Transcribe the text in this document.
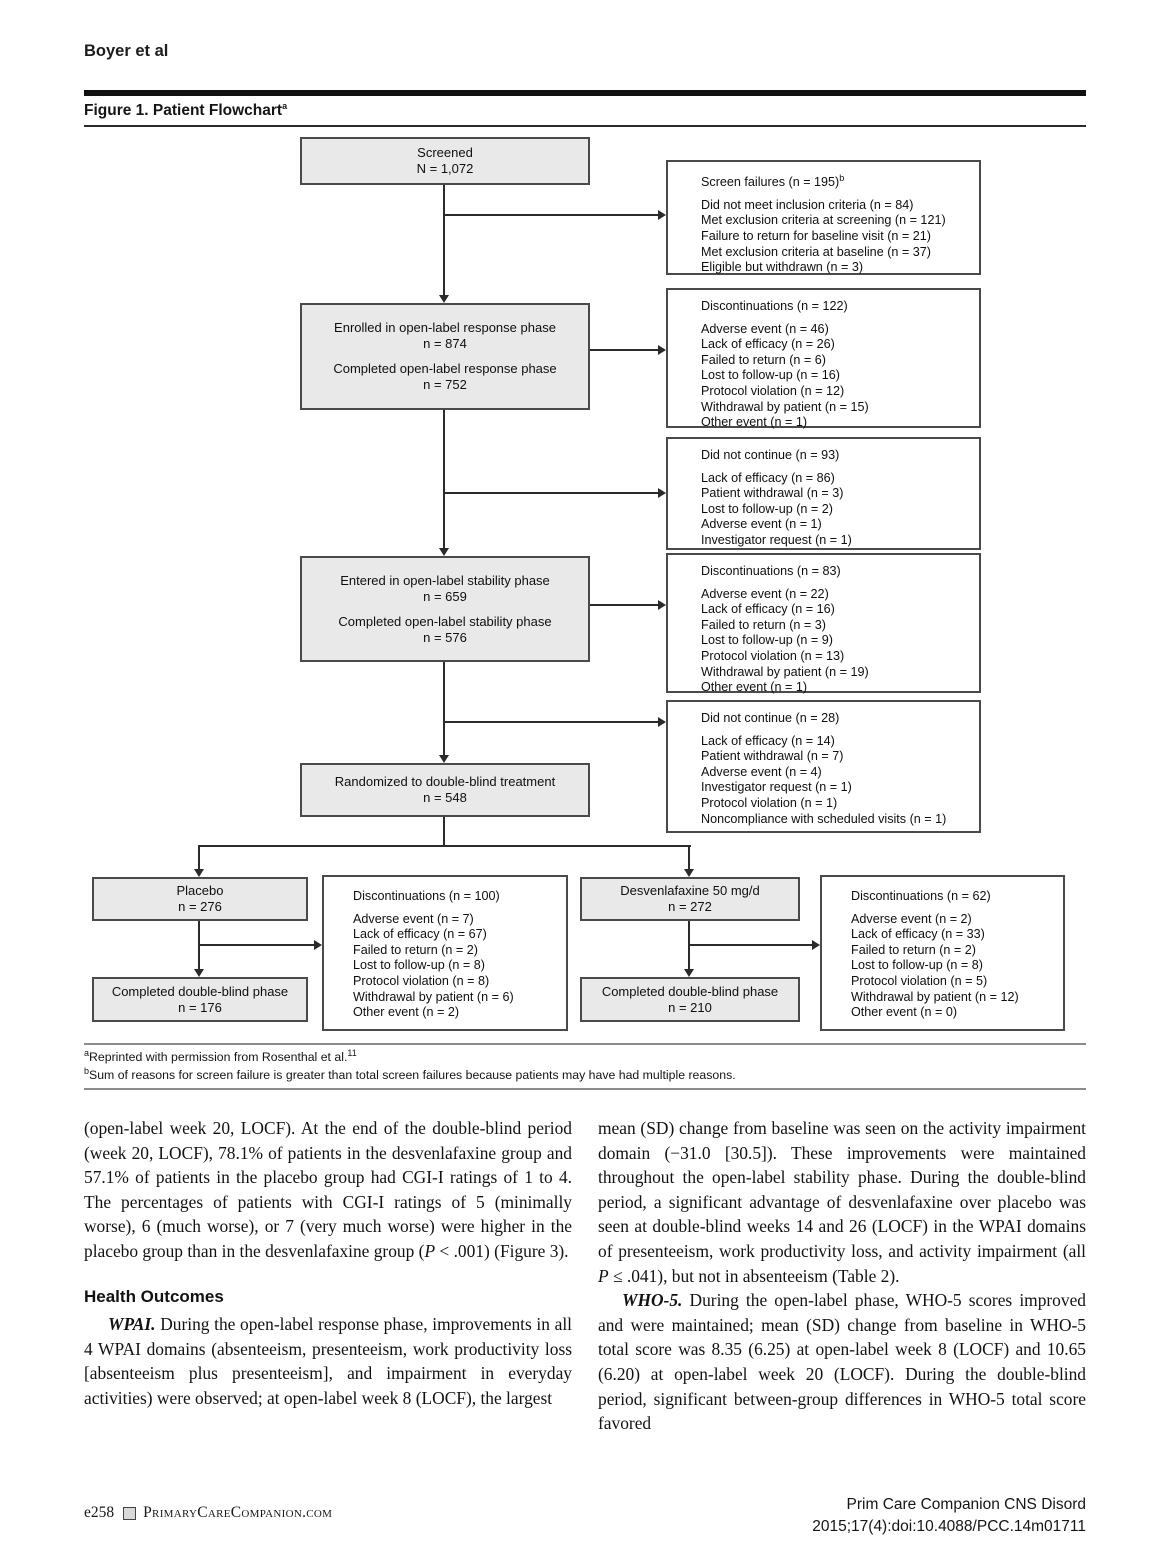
Boyer et al
Figure 1. Patient Flowchart$^a$
Screened
N = 1,072
Enrolled in open-label response phase
n = 874

Completed open-label response phase
n = 752
Entered in open-label stability phase
n = 659

Completed open-label stability phase
n = 576
Randomized to double-blind treatment
n = 548
Placebo
n = 276
Desvenlafaxine 50 mg/d
n = 272
Completed double-blind phase
n = 176
Completed double-blind phase
n = 210
Screen failures (n = 195)$^b$
Did not meet inclusion criteria (n = 84)
Met exclusion criteria at screening (n = 121)
Failure to return for baseline visit (n = 21)
Met exclusion criteria at baseline (n = 37)
Eligible but withdrawn (n = 3)
Discontinuations (n = 122)
Adverse event (n = 46)
Lack of efficacy (n = 26)
Failed to return (n = 6)
Lost to follow-up (n = 16)
Protocol violation (n = 12)
Withdrawal by patient (n = 15)
Other event (n = 1)
Did not continue (n = 93)
Lack of efficacy (n = 86)
Patient withdrawal (n = 3)
Lost to follow-up (n = 2)
Adverse event (n = 1)
Investigator request (n = 1)
Discontinuations (n = 83)
Adverse event (n = 22)
Lack of efficacy (n = 16)
Failed to return (n = 3)
Lost to follow-up (n = 9)
Protocol violation (n = 13)
Withdrawal by patient (n = 19)
Other event (n = 1)
Did not continue (n = 28)
Lack of efficacy (n = 14)
Patient withdrawal (n = 7)
Adverse event (n = 4)
Investigator request (n = 1)
Protocol violation (n = 1)
Noncompliance with scheduled visits (n = 1)
Discontinuations (n = 100)
Adverse event (n = 7)
Lack of efficacy (n = 67)
Failed to return (n = 2)
Lost to follow-up (n = 8)
Protocol violation (n = 8)
Withdrawal by patient (n = 6)
Other event (n = 2)
Discontinuations (n = 62)
Adverse event (n = 2)
Lack of efficacy (n = 33)
Failed to return (n = 2)
Lost to follow-up (n = 8)
Protocol violation (n = 5)
Withdrawal by patient (n = 12)
Other event (n = 0)
$^a$Reprinted with permission from Rosenthal et al.$^{11}$
$^b$Sum of reasons for screen failure is greater than total screen failures because patients may have had multiple reasons.

(open-label week 20, LOCF). At the end of the double-blind period (week 20, LOCF), 78.1% of patients in the desvenlafaxine group and 57.1% of patients in the placebo group had CGI-I ratings of 1 to 4. The percentages of patients with CGI-I ratings of 5 (minimally worse), 6 (much worse), or 7 (very much worse) were higher in the placebo group than in the desvenlafaxine group (P < .001) (Figure 3).

Health Outcomes

WPAI. During the open-label response phase, improvements in all 4 WPAI domains (absenteeism, presenteeism, work productivity loss [absenteeism plus presenteeism], and impairment in everyday activities) were observed; at open-label week 8 (LOCF), the largest

mean (SD) change from baseline was seen on the activity impairment domain (−31.0 [30.5]). These improvements were maintained throughout the open-label stability phase. During the double-blind period, a significant advantage of desvenlafaxine over placebo was seen at double-blind weeks 14 and 26 (LOCF) in the WPAI domains of presenteeism, work productivity loss, and activity impairment (all P ≤ .041), but not in absenteeism (Table 2).

WHO-5. During the open-label phase, WHO-5 scores improved and were maintained; mean (SD) change from baseline in WHO-5 total score was 8.35 (6.25) at open-label week 8 (LOCF) and 10.65 (6.20) at open-label week 20 (LOCF). During the double-blind period, significant between-group differences in WHO-5 total score favored

e258 PrimaryCareCompanion.com	Prim Care Companion CNS Disord
2015;17(4):doi:10.4088/PCC.14m01711
